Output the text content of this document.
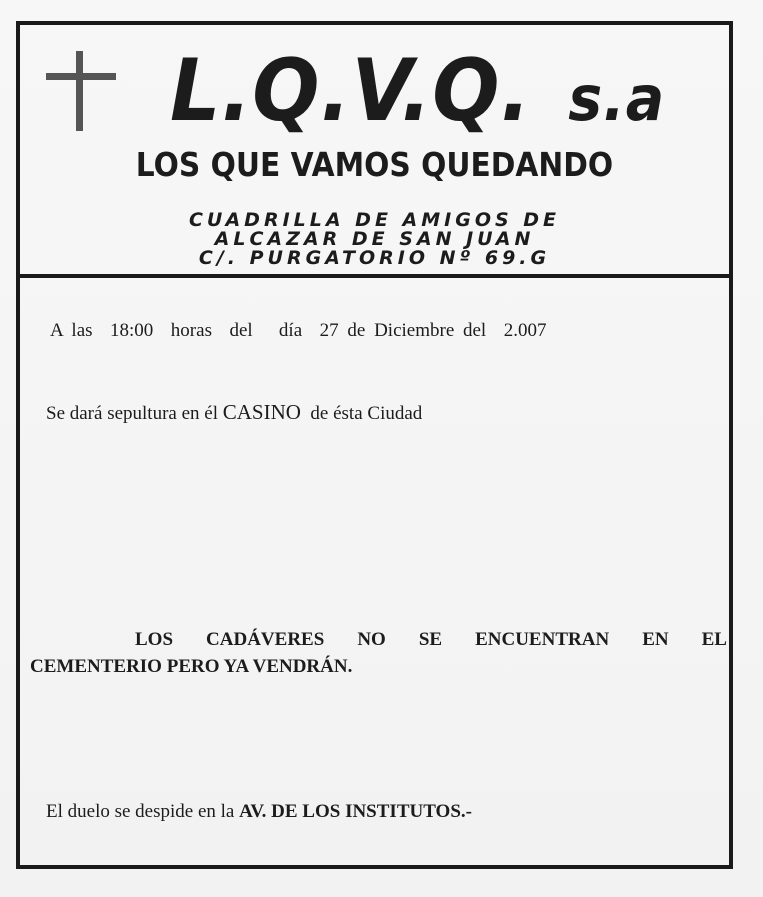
L.Q.V.Q. s.a
LOS QUE VAMOS QUEDANDO
CUADRILLA DE AMIGOS DE
ALCAZAR DE SAN JUAN
C/. PURGATORIO Nº 69.G
A las  18:00  horas  del   día  27 de Diciembre del  2.007
Se dará sepultura en él CASINO  de ésta Ciudad
LOS CADÁVERES NO SE ENCUENTRAN EN EL
CEMENTERIO PERO YA VENDRÁN.
El duelo se despide en la AV. DE LOS INSTITUTOS.-
